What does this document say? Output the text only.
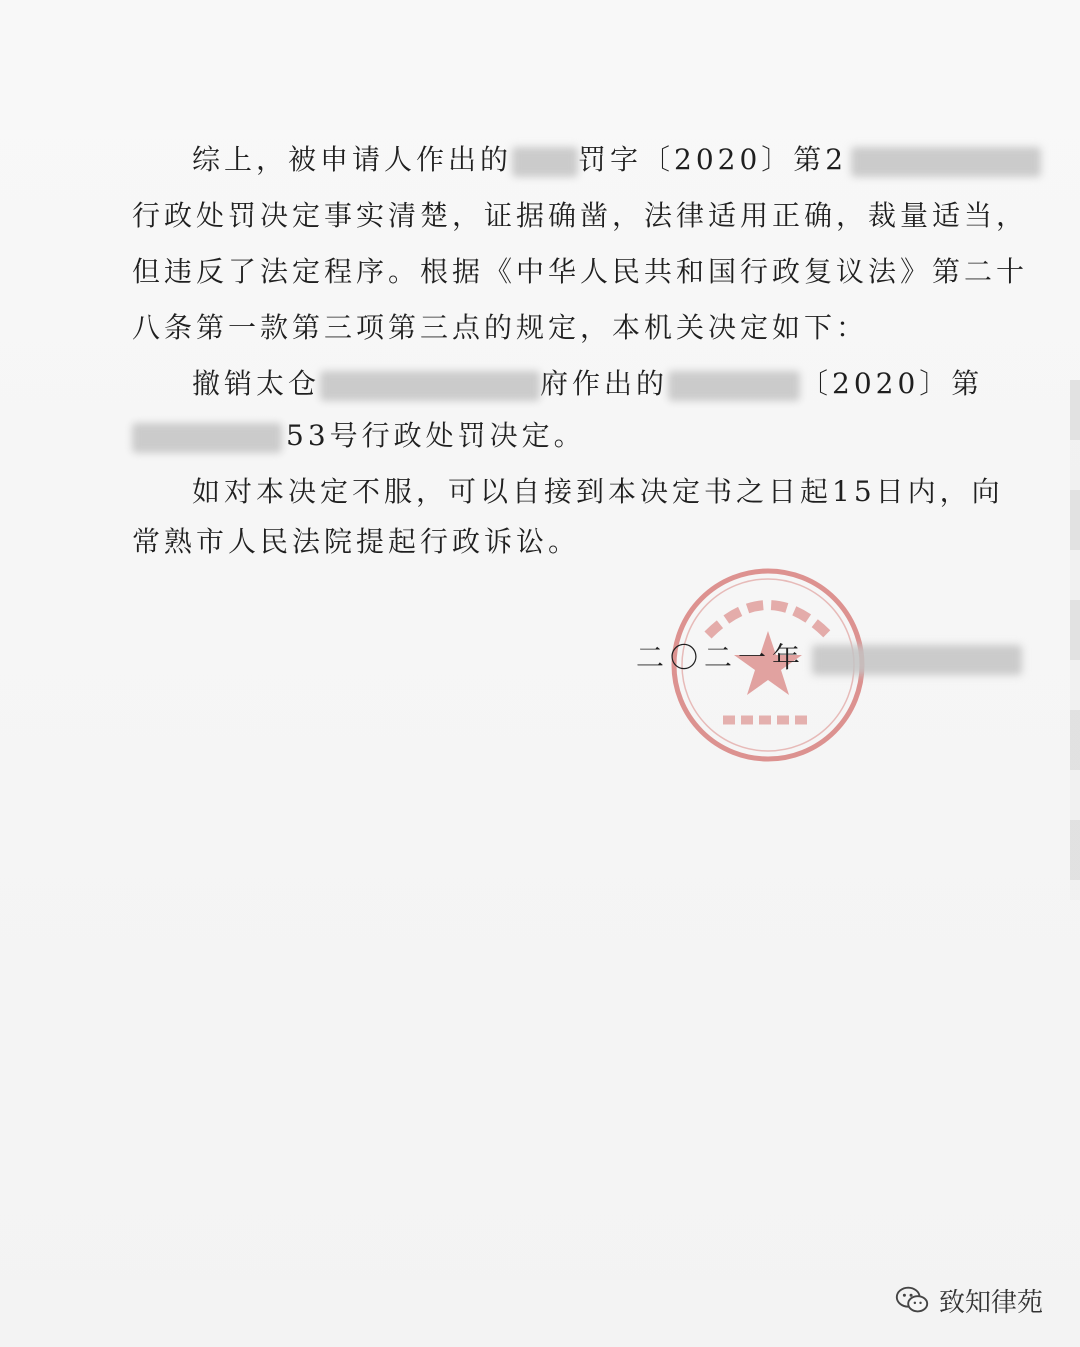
综上，被申请人作出的 罚字〔2020〕第2
行政处罚决定事实清楚，证据确凿，法律适用正确，裁量适当，
但违反了法定程序。根据《中华人民共和国行政复议法》第二十
八条第一款第三项第三点的规定，本机关决定如下：
撤销太仓	府作出的	〔2020〕第
53号行政处罚决定。
如对本决定不服，可以自接到本决定书之日起15日内，向
常熟市人民法院提起行政诉讼。
二〇二一年
致知律苑
